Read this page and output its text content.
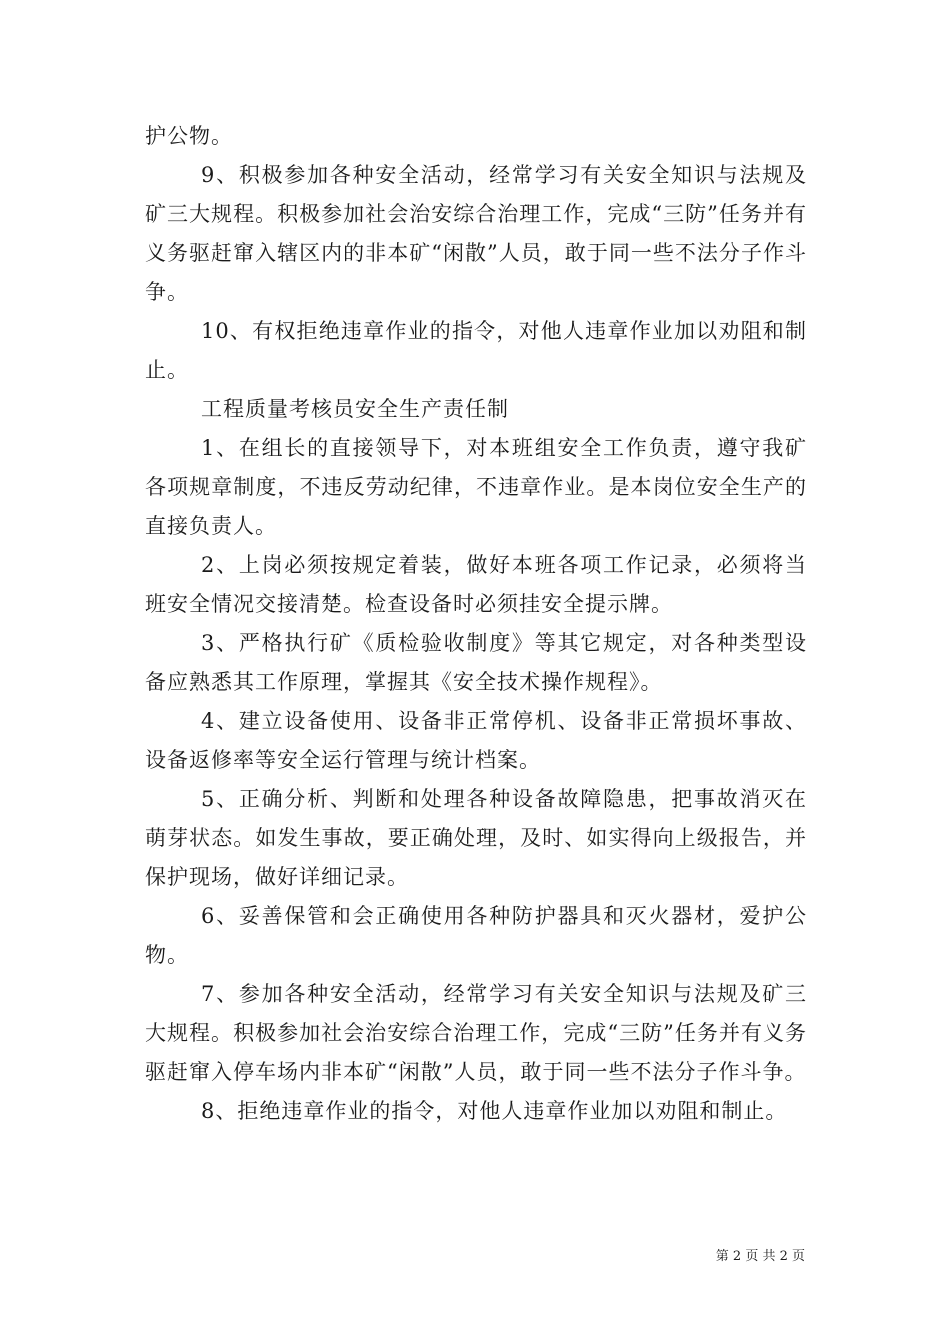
护公物。

9、积极参加各种安全活动，经常学习有关安全知识与法规及矿三大规程。积极参加社会治安综合治理工作，完成“三防”任务并有义务驱赶窜入辖区内的非本矿“闲散”人员，敢于同一些不法分子作斗争。

10、有权拒绝违章作业的指令，对他人违章作业加以劝阻和制止。

工程质量考核员安全生产责任制

1、在组长的直接领导下，对本班组安全工作负责，遵守我矿各项规章制度，不违反劳动纪律，不违章作业。是本岗位安全生产的直接负责人。

2、上岗必须按规定着装，做好本班各项工作记录，必须将当班安全情况交接清楚。检查设备时必须挂安全提示牌。

3、严格执行矿《质检验收制度》等其它规定，对各种类型设备应熟悉其工作原理，掌握其《安全技术操作规程》。

4、建立设备使用、设备非正常停机、设备非正常损坏事故、设备返修率等安全运行管理与统计档案。

5、正确分析、判断和处理各种设备故障隐患，把事故消灭在萌芽状态。如发生事故，要正确处理，及时、如实得向上级报告，并保护现场，做好详细记录。

6、妥善保管和会正确使用各种防护器具和灭火器材，爱护公物。

7、参加各种安全活动，经常学习有关安全知识与法规及矿三大规程。积极参加社会治安综合治理工作，完成“三防”任务并有义务驱赶窜入停车场内非本矿“闲散”人员，敢于同一些不法分子作斗争。

8、拒绝违章作业的指令，对他人违章作业加以劝阻和制止。

第 2 页 共 2 页
